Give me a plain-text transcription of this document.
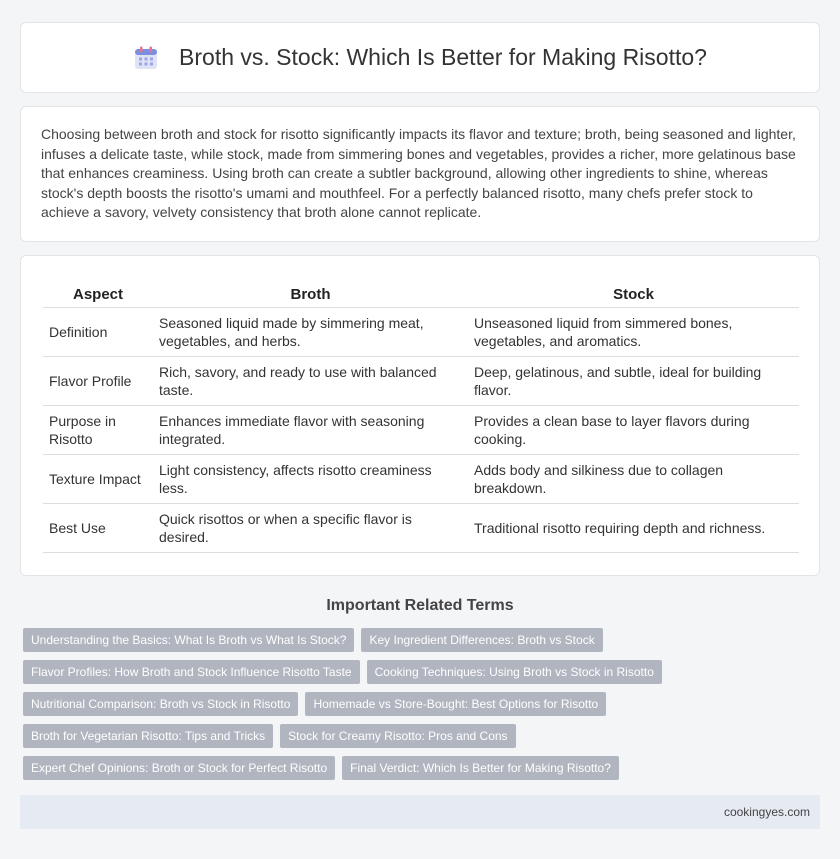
Broth vs. Stock: Which Is Better for Making Risotto?

Choosing between broth and stock for risotto significantly impacts its flavor and texture; broth, being seasoned and lighter, infuses a delicate taste, while stock, made from simmering bones and vegetables, provides a richer, more gelatinous base that enhances creaminess. Using broth can create a subtler background, allowing other ingredients to shine, whereas stock's depth boosts the risotto's umami and mouthfeel. For a perfectly balanced risotto, many chefs prefer stock to achieve a savory, velvety consistency that broth alone cannot replicate.

Aspect	Broth	Stock
Definition	Seasoned liquid made by simmering meat, vegetables, and herbs.	Unseasoned liquid from simmered bones, vegetables, and aromatics.
Flavor Profile	Rich, savory, and ready to use with balanced taste.	Deep, gelatinous, and subtle, ideal for building flavor.
Purpose in Risotto	Enhances immediate flavor with seasoning integrated.	Provides a clean base to layer flavors during cooking.
Texture Impact	Light consistency, affects risotto creaminess less.	Adds body and silkiness due to collagen breakdown.
Best Use	Quick risottos or when a specific flavor is desired.	Traditional risotto requiring depth and richness.
Important Related Terms
Understanding the Basics: What Is Broth vs What Is Stock?	Key Ingredient Differences: Broth vs Stock
Flavor Profiles: How Broth and Stock Influence Risotto Taste	Cooking Techniques: Using Broth vs Stock in Risotto
Nutritional Comparison: Broth vs Stock in Risotto	Homemade vs Store-Bought: Best Options for Risotto
Broth for Vegetarian Risotto: Tips and Tricks	Stock for Creamy Risotto: Pros and Cons
Expert Chef Opinions: Broth or Stock for Perfect Risotto	Final Verdict: Which Is Better for Making Risotto?
cookingyes.com
